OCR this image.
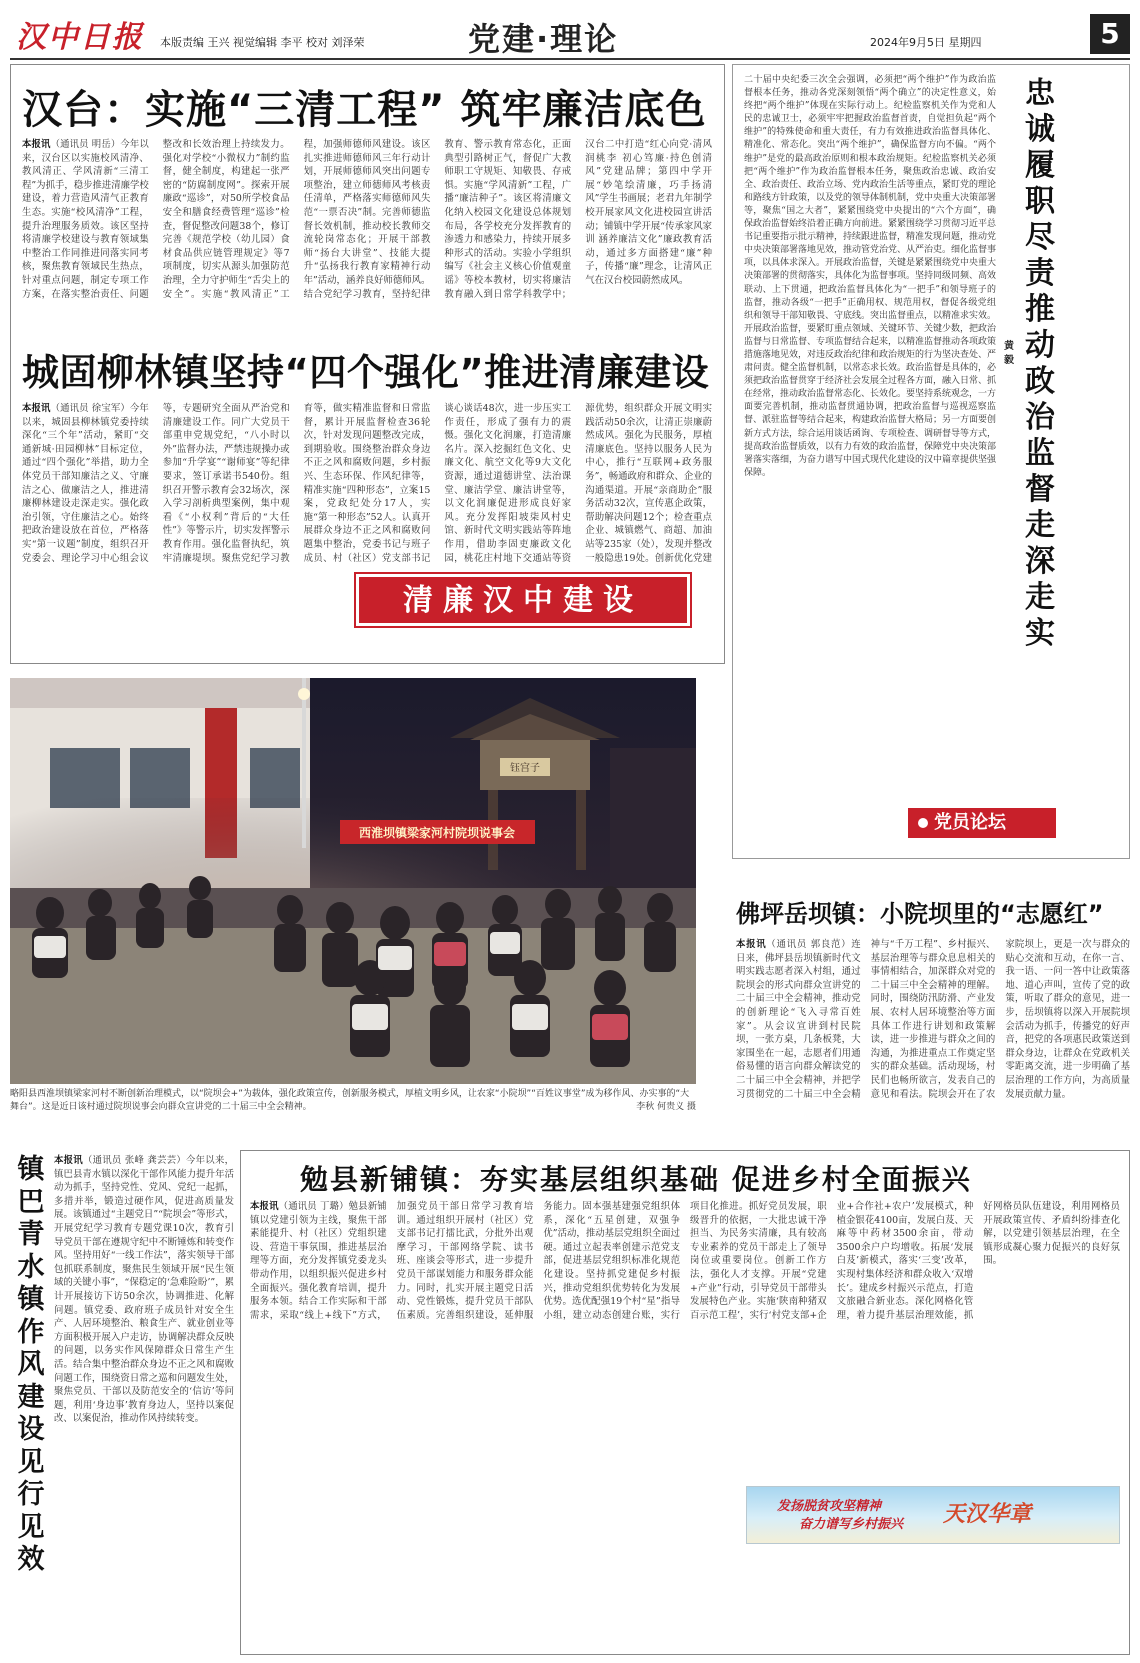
汉中日报 本版责编 王兴 视觉编辑 李平 校对 刘泽荣	党建·理论	2024年9月5日 星期四	5
汉台：实施“三清工程” 筑牢廉洁底色
本报讯（通讯员 明岳）今年以来，汉台区以实施校风清净、教风清正、学风清新“三清工程”为抓手，稳步推进清廉学校建设，着力营造风清气正教育生态。实施“校风清净”工程，提升治理服务质效。该区坚持将清廉学校建设与教育领域集中整治工作同推进同落实同考核，聚焦教育领域民生热点，针对重点问题，制定专项工作方案，在落实整治责任、问题整改和长效治理上持续发力。强化对学校“小微权力”制约监督，健全制度，构建起一张严密的“防腐制度网”。探索开展廉政“巡诊”，对50所学校食品安全和膳食经费管理“巡诊”检查，督促整改问题38个，修订完善《规范学校（幼儿园）食材食品供应链管理规定》等7项制度，切实从源头加强防范治理，全力守护师生“舌尖上的安全”。实施“教风清正”工程，加强师德师风建设。该区扎实推进师德师风三年行动计划，开展师德师风突出问题专项整治，建立师德师风考核责任清单，严格落实师德师风失范“一票否决”制。完善师德监督长效机制，推动校长教师交流轮岗常态化；开展干部教师“扬台大讲堂”、技能大提升“弘扬我行教育家精神行动年”活动，涵养良好师德师风。结合党纪学习教育，坚持纪律教育、警示教育常态化，正面典型引路树正气，督促广大教师职工守规矩、知敬畏、存戒惧。实施“学风清新”工程，广播“廉洁种子”。该区将清廉文化纳入校园文化建设总体规划布局，各学校充分发挥教育的渗透力和感染力，持续开展多种形式的活动。实验小学组织编写《社会主义核心价值观童谣》等校本教材，切实将廉洁教育融入到日常学科教学中；汉台二中打造“红心向党·清风润桃李 初心笃廉·持色创清风”党建品牌；第四中学开展“妙笔绘清廉，巧手扬清风”学生书画展；老君九年制学校开展家风文化进校园宣讲活动；铺镇中学开展“传承家风家训 涵养廉洁文化”廉政教育活动，通过多方面搭建“廉”种子，传播“廉”理念，让清风正气在汉台校园蔚然成风。
城固柳林镇坚持“四个强化”推进清廉建设
本报讯（通讯员 徐宝军）今年以来，城固县柳林镇党委持续深化“三个年”活动，紧盯“交通新城·田园柳林”目标定位，通过“四个强化”举措，助力全体党员干部知廉洁之义、守廉洁之心、做廉洁之人，推进清廉柳林建设走深走实。强化政治引领，守住廉洁之心。始终把政治建设放在首位，严格落实“第一议题”制度，组织召开党委会、理论学习中心组会议等，专题研究全面从严治党和清廉建设工作。同广大党员干部重申党规党纪，“八小时以外”监督办法，严禁违规操办或参加“升学宴”“谢师宴”等纪律要求，签订承诺书540份。组织召开警示教育会32场次，深入学习剖析典型案例，集中观看《“小权利”背后的“大任性”》等警示片，切实发挥警示教育作用。强化监督执纪，筑牢清廉堤坝。聚焦党纪学习教育等，做实精准监督和日常监督，累计开展监督检查36轮次，针对发现问题整改完成，到期验收。围绕整治群众身边不正之风和腐败问题，乡村振兴、生态环保、作风纪律等，精准实施“四种形态”，立案15案，党政纪处分17人，实施“第一种形态”52人。认真开展群众身边不正之风和腐败问题集中整治，党委书记与班子成员、村（社区）党支部书记谈心谈话48次，进一步压实工作责任，形成了强有力的震慑。强化文化润廉，打造清廉名片。深入挖掘红色文化、史廉文化、航空文化等9大文化资源，通过道德讲堂、法治课堂、廉洁学堂、廉洁讲堂等，以文化润廉促进形成良好家风。充分发挥阳坡柒风村史馆、新时代文明实践站等阵地作用，借助李固吏廉政文化园，桃花庄村地下交通站等资源优势，组织群众开展文明实践活动50余次，让清正崇廉蔚然成风。强化为民服务，厚植清廉底色。坚持以服务人民为中心，推行“互联网+政务服务”，畅通政府和群众、企业的沟通渠道。开展“亲商助企”服务活动32次，宣传惠企政策，帮助解决问题12个；检查重点企业、城镇燃气、商超、加油站等235家（处），发现并整改一般隐患19处。创新优化党建
清廉汉中建设
钰宫子
西淮坝镇梁家河村院坝说事会
略阳县西淮坝镇梁家河村不断创新治理模式，以“院坝会+”为载体，强化政策宣传，创新服务模式，厚植文明乡风，让农家“小院坝”“百姓议事堂”成为移作风、办实事的“大舞台”。这是近日该村通过院坝说事会向群众宣讲党的二十届三中全会精神。	李秋 何贵义 摄
忠诚履职尽责推动政治监督走深走实
黄毅
二十届中央纪委三次全会强调，必须把“两个维护”作为政治监督根本任务，推动各党深刻领悟“两个确立”的决定性意义，始终把“两个维护”体现在实际行动上。纪检监察机关作为党和人民的忠诚卫士，必须牢牢把握政治监督首责，自觉担负起“两个维护”的特殊使命和重大责任，有力有效推进政治监督具体化、精准化、常态化。突出“两个维护”，确保监督方向不偏。“两个维护”是党的最高政治原则和根本政治规矩。纪检监察机关必须把“两个维护”作为政治监督根本任务，聚焦政治忠诚、政治安全、政治责任、政治立场、党内政治生活等重点，紧盯党的理论和路线方针政策，以及党的领导体制机制，党中央重大决策部署等，聚焦“国之大者”，紧紧围绕党中央提出的“六个方面”，确保政治监督始终沿着正确方向前进。紧紧围绕学习贯彻习近平总书记重要指示批示精神，持续跟进监督，精准发现问题，推动党中央决策部署落地见效，推动管党治党、从严治吏。细化监督事项，以具体求深入。开展政治监督，关键是紧紧围绕党中央重大决策部署的贯彻落实，具体化为监督事项。坚持同级同频、高效联动、上下贯通，把政治监督具体化为“一把手”和领导班子的监督，推动各级“一把手”正确用权、规范用权，督促各级党组织和领导干部知敬畏、守底线。突出监督重点，以精准求实效。开展政治监督，要紧盯重点领域、关键环节、关键少数，把政治监督与日常监督、专项监督结合起来，以精准监督推动各项政策措施落地见效，对违反政治纪律和政治规矩的行为坚决查处、严肃问责。健全监督机制，以常态求长效。政治监督是具体的，必须把政治监督贯穿于经济社会发展全过程各方面，融入日常、抓在经常，推动政治监督常态化、长效化。要坚持系统观念，一方面要完善机制，推动监督贯通协调，把政治监督与巡视巡察监督、派驻监督等结合起来，构建政治监督大格局；另一方面要创新方式方法，综合运用谈话函询、专项检查、调研督导等方式，提高政治监督质效，以有力有效的政治监督，保障党中央决策部署落实落细，为奋力谱写中国式现代化建设的汉中篇章提供坚强保障。
党员论坛
佛坪岳坝镇：小院坝里的“志愿红”
本报讯（通讯员 郭良范）连日来，佛坪县岳坝镇新时代文明实践志愿者深入村组，通过院坝会的形式向群众宣讲党的二十届三中全会精神，推动党的创新理论“飞入寻常百姓家”。从会议宣讲到村民院坝，一张方桌，几条板凳，大家围坐在一起，志愿者们用通俗易懂的语言向群众解读党的二十届三中全会精神，并把学习贯彻党的二十届三中全会精神与“千万工程”、乡村振兴、基层治理等与群众息息相关的事情相结合，加深群众对党的二十届三中全会精神的理解。同时，围绕防汛防滑、产业发展、农村人居环境整治等方面具体工作进行讲划和政策解读，进一步推进与群众之间的沟通，为推进重点工作奠定坚实的群众基础。活动现场，村民们也畅所欲言，发表自己的意见和看法。院坝会开在了农家院坝上，更是一次与群众的贴心交流和互动，在你一言、我一语、一问一答中让政策落地、道心声叫，宣传了党的政策，听取了群众的意见，进一步，岳坝镇将以深入开展院坝会活动为抓手，传播党的好声音，把党的各项惠民政策送到群众身边，让群众在党政机关零距离交流，进一步明确了基层治理的工作方向，为高质量发展贡献力量。
镇巴青水镇作风建设见行见效
本报讯（通讯员 张峰 龚芸芸）今年以来，镇巴县青水镇以深化干部作风能力提升年活动为抓手，坚持党性、党风、党纪一起抓，多措并举，锻造过硬作风，促进高质量发展。该镇通过“主题党日”“院坝会”等形式，开展党纪学习教育专题党课10次，教育引导党员干部在遵规守纪中不断锤炼和转变作风。坚持用好“一线工作法”，落实领导干部包抓联系制度，聚焦民生领域开展“民生领域的关键小事”，“保稳定的‘急难险盼’”，累计开展接访下访50余次，协调推进、化解问题。镇党委、政府班子成员针对安全生产、人居环境整治、粮食生产、就业创业等方面积极开展入户走访，协调解决群众反映的问题，以务实作风保障群众日常生产生活。结合集中整治群众身边不正之风和腐败问题工作，围绕资日常之巡和问题发生处，聚焦党员、干部以及防范安全的‘信访’等问题，利用‘身边事’教育身边人，坚持以案促改、以案促治，推动作风持续转变。
勉县新铺镇：夯实基层组织基础 促进乡村全面振兴
本报讯（通讯员 丁璐）勉县新铺镇以党建引领为主线，聚焦干部素能提升、村（社区）党组织建设、营造干事氛围，推进基层治理等方面，充分发挥镇党委龙头带动作用，以组织振兴促进乡村全面振兴。强化教育培训，提升服务本领。结合工作实际和干部需求，采取“线上+线下”方式，加强党员干部日常学习教育培训。通过组织开展村（社区）党支部书记打擂比武，分批外出观摩学习，干部网络学院、读书班、座谈会等形式，进一步提升党员干部谋划能力和服务群众能力。同时，扎实开展主题党日活动、党性锻炼，提升党员干部队伍素质。完善组织建设，延伸服务能力。固本强基建强党组织体系，深化“五星创建，双强争优”活动，推动基层党组织全面过硬。通过立起表率创建示范党支部，促进基层党组织标准化规范化建设。坚持抓党建促乡村振兴，推动党组织优势转化为发展优势。选优配强19个村“星”指导小组，建立动态创建台账，实行项目化推进。抓好党员发展，职级晋升的依据，一大批忠诚干净担当、为民务实清廉，具有较高专业素养的党员干部走上了领导岗位或重要岗位。创新工作方法，强化人才支撑。开展“党建+产业”行动，引导党员干部带头发展特色产业。实施‘陕南种猪双百示范工程’，实行‘村党支部+企业+合作社+农户’发展模式，种植金银花4100亩，发展白芨、天麻等中药材3500余亩，带动3500余户户均增收。拓展‘发展白芨’新模式，落实‘三变’改革，实现村集体经济和群众收入‘双增长’。建成乡村振兴示范点，打造文旅融合新业态。深化网格化管理，着力提升基层治理效能，抓好网格员队伍建设，利用网格员开展政策宣传、矛盾纠纷排查化解，以党建引领基层治理，在全镇形成凝心聚力促振兴的良好氛围。
发扬脱贫攻坚精神
奋力谱写乡村振兴 天汉华章
